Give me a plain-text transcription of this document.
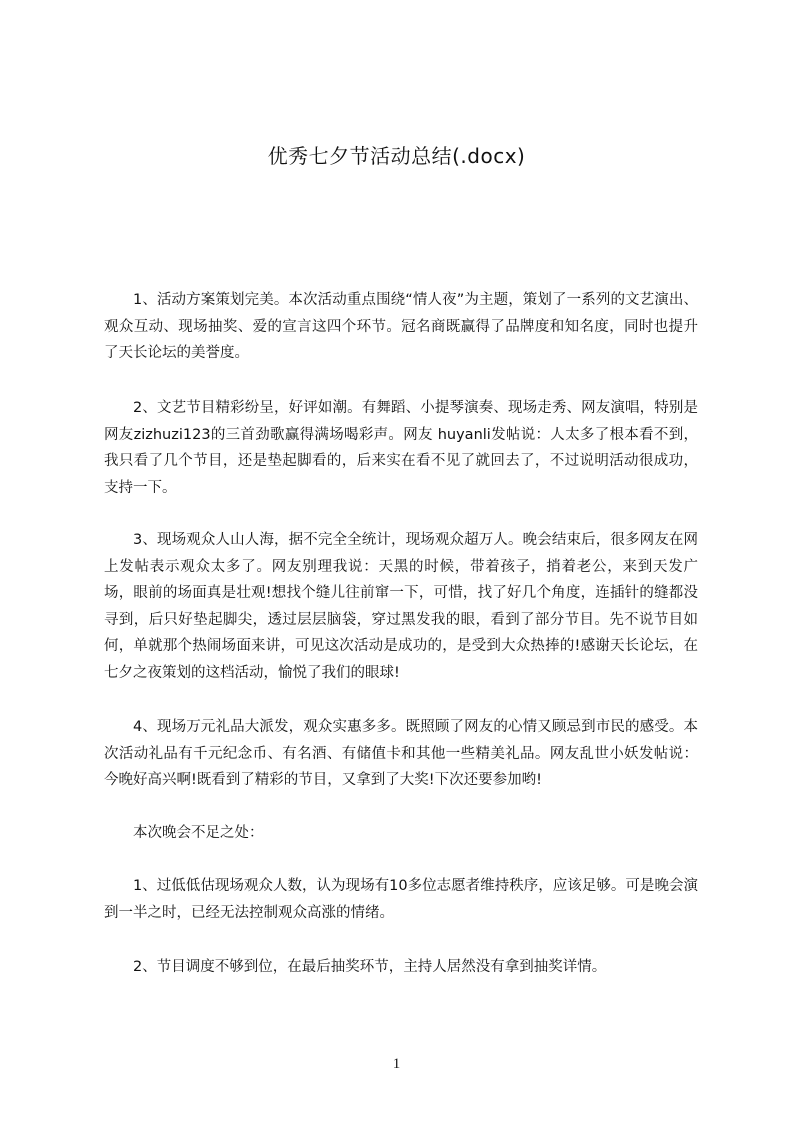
优秀七夕节活动总结(.docx)

1、活动方案策划完美。本次活动重点围绕“情人夜”为主题，策划了一系列的文艺演出、观众互动、现场抽奖、爱的宣言这四个环节。冠名商既赢得了品牌度和知名度，同时也提升了天长论坛的美誉度。

2、文艺节目精彩纷呈，好评如潮。有舞蹈、小提琴演奏、现场走秀、网友演唱，特别是网友zizhuzi123的三首劲歌赢得满场喝彩声。网友 huyanli发帖说：人太多了根本看不到，我只看了几个节目，还是垫起脚看的，后来实在看不见了就回去了，不过说明活动很成功，支持一下。

3、现场观众人山人海，据不完全全统计，现场观众超万人。晚会结束后，很多网友在网上发帖表示观众太多了。网友别理我说：天黑的时候，带着孩子，捎着老公，来到天发广场，眼前的场面真是壮观!想找个缝儿往前窜一下，可惜，找了好几个角度，连插针的缝都没寻到，后只好垫起脚尖，透过层层脑袋，穿过黑发我的眼，看到了部分节目。先不说节目如何，单就那个热闹场面来讲，可见这次活动是成功的，是受到大众热捧的!感谢天长论坛，在七夕之夜策划的这档活动，愉悦了我们的眼球!

4、现场万元礼品大派发，观众实惠多多。既照顾了网友的心情又顾忌到市民的感受。本次活动礼品有千元纪念币、有名酒、有储值卡和其他一些精美礼品。网友乱世小妖发帖说：今晚好高兴啊!既看到了精彩的节目，又拿到了大奖!下次还要参加哟!

本次晚会不足之处：

1、过低低估现场观众人数，认为现场有10多位志愿者维持秩序，应该足够。可是晚会演到一半之时，已经无法控制观众高涨的情绪。

2、节目调度不够到位，在最后抽奖环节，主持人居然没有拿到抽奖详情。

1
